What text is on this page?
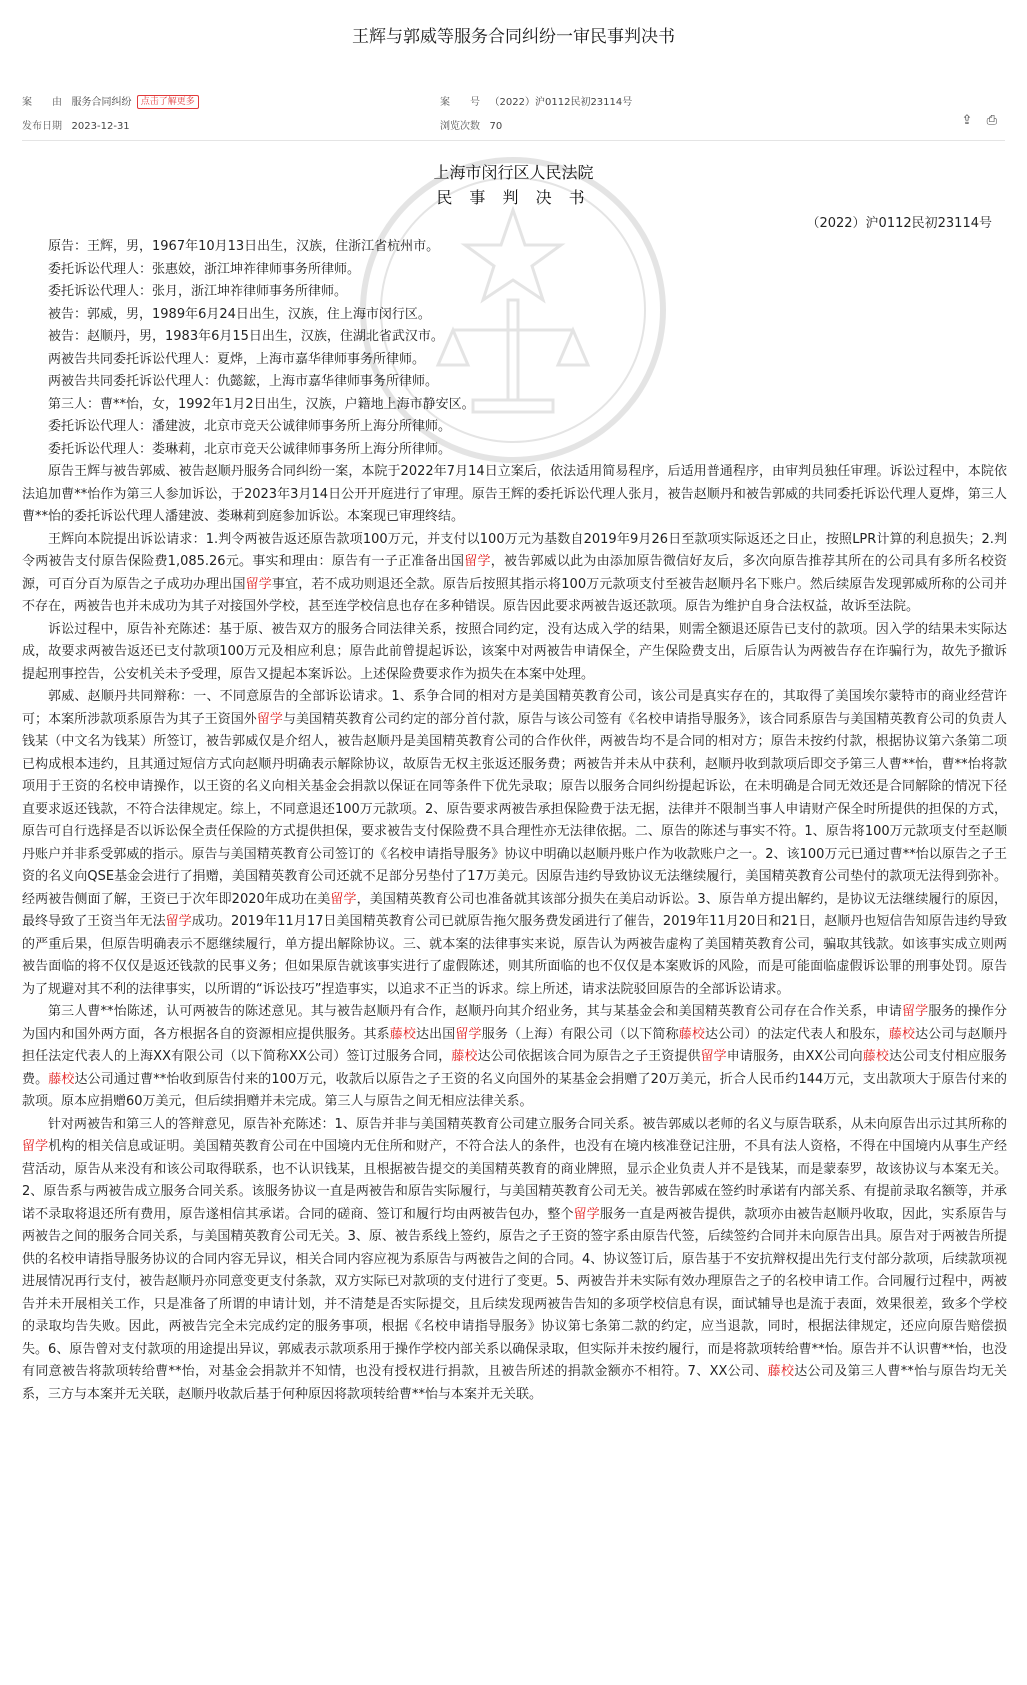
王辉与郭威等服务合同纠纷一审民事判决书
案　　由 服务合同纠纷 点击了解更多	案　　号 （2022）沪0112民初23114号
发布日期 2023-12-31	浏览次数 70	⇪ ⎙
上海市闵行区人民法院
民 事 判 决 书
（2022）沪0112民初23114号

原告：王辉，男，1967年10月13日出生，汉族，住浙江省杭州市。

委托诉讼代理人：张惠姣，浙江坤祚律师事务所律师。

委托诉讼代理人：张月，浙江坤祚律师事务所律师。

被告：郭威，男，1989年6月24日出生，汉族，住上海市闵行区。

被告：赵顺丹，男，1983年6月15日出生，汉族，住湖北省武汉市。

两被告共同委托诉讼代理人：夏烨，上海市嘉华律师事务所律师。

两被告共同委托诉讼代理人：仇懿鋐，上海市嘉华律师事务所律师。

第三人：曹**怡，女，1992年1月2日出生，汉族，户籍地上海市静安区。

委托诉讼代理人：潘建波，北京市竞天公诚律师事务所上海分所律师。

委托诉讼代理人：娄琳莉，北京市竞天公诚律师事务所上海分所律师。

原告王辉与被告郭威、被告赵顺丹服务合同纠纷一案，本院于2022年7月14日立案后，依法适用简易程序，后适用普通程序，由审判员独任审理。诉讼过程中，本院依法追加曹**怡作为第三人参加诉讼，于2023年3月14日公开开庭进行了审理。原告王辉的委托诉讼代理人张月，被告赵顺丹和被告郭威的共同委托诉讼代理人夏烨，第三人曹**怡的委托诉讼代理人潘建波、娄琳莉到庭参加诉讼。本案现已审理终结。

王辉向本院提出诉讼请求：1.判令两被告返还原告款项100万元，并支付以100万元为基数自2019年9月26日至款项实际返还之日止，按照LPR计算的利息损失；2.判令两被告支付原告保险费1,085.26元。事实和理由：原告有一子正准备出国留学，被告郭威以此为由添加原告微信好友后，多次向原告推荐其所在的公司具有多所名校资源，可百分百为原告之子成功办理出国留学事宜，若不成功则退还全款。原告后按照其指示将100万元款项支付至被告赵顺丹名下账户。然后续原告发现郭威所称的公司并不存在，两被告也并未成功为其子对接国外学校，甚至连学校信息也存在多种错误。原告因此要求两被告返还款项。原告为维护自身合法权益，故诉至法院。

诉讼过程中，原告补充陈述：基于原、被告双方的服务合同法律关系，按照合同约定，没有达成入学的结果，则需全额退还原告已支付的款项。因入学的结果未实际达成，故要求两被告返还已支付款项100万元及相应利息；原告此前曾提起诉讼，该案中对两被告申请保全，产生保险费支出，后原告认为两被告存在诈骗行为，故先予撤诉提起刑事控告，公安机关未予受理，原告又提起本案诉讼。上述保险费要求作为损失在本案中处理。

郭威、赵顺丹共同辩称：一、不同意原告的全部诉讼请求。1、系争合同的相对方是美国精英教育公司，该公司是真实存在的，其取得了美国埃尔蒙特市的商业经营许可；本案所涉款项系原告为其子王资国外留学与美国精英教育公司约定的部分首付款，原告与该公司签有《名校申请指导服务》，该合同系原告与美国精英教育公司的负责人钱某（中文名为钱某）所签订，被告郭威仅是介绍人，被告赵顺丹是美国精英教育公司的合作伙伴，两被告均不是合同的相对方；原告未按约付款，根据协议第六条第二项已构成根本违约，且其通过短信方式向赵顺丹明确表示解除协议，故原告无权主张返还服务费；两被告并未从中获利，赵顺丹收到款项后即交予第三人曹**怡，曹**怡将款项用于王资的名校申请操作，以王资的名义向相关基金会捐款以保证在同等条件下优先录取；原告以服务合同纠纷提起诉讼，在未明确是合同无效还是合同解除的情况下径直要求返还钱款，不符合法律规定。综上，不同意退还100万元款项。2、原告要求两被告承担保险费于法无据，法律并不限制当事人申请财产保全时所提供的担保的方式，原告可自行选择是否以诉讼保全责任保险的方式提供担保，要求被告支付保险费不具合理性亦无法律依据。二、原告的陈述与事实不符。1、原告将100万元款项支付至赵顺丹账户并非系受郭威的指示。原告与美国精英教育公司签订的《名校申请指导服务》协议中明确以赵顺丹账户作为收款账户之一。2、该100万元已通过曹**怡以原告之子王资的名义向QSE基金会进行了捐赠，美国精英教育公司还就不足部分另垫付了17万美元。因原告违约导致协议无法继续履行，美国精英教育公司垫付的款项无法得到弥补。经两被告侧面了解，王资已于次年即2020年成功在美留学，美国精英教育公司也准备就其该部分损失在美启动诉讼。3、原告单方提出解约，是协议无法继续履行的原因，最终导致了王资当年无法留学成功。2019年11月17日美国精英教育公司已就原告拖欠服务费发函进行了催告，2019年11月20日和21日，赵顺丹也短信告知原告违约导致的严重后果，但原告明确表示不愿继续履行，单方提出解除协议。三、就本案的法律事实来说，原告认为两被告虚构了美国精英教育公司，骗取其钱款。如该事实成立则两被告面临的将不仅仅是返还钱款的民事义务；但如果原告就该事实进行了虚假陈述，则其所面临的也不仅仅是本案败诉的风险，而是可能面临虚假诉讼罪的刑事处罚。原告为了规避对其不利的法律事实，以所谓的“诉讼技巧”捏造事实，以追求不正当的诉求。综上所述，请求法院驳回原告的全部诉讼请求。

第三人曹**怡陈述，认可两被告的陈述意见。其与被告赵顺丹有合作，赵顺丹向其介绍业务，其与某基金会和美国精英教育公司存在合作关系，申请留学服务的操作分为国内和国外两方面，各方根据各自的资源相应提供服务。其系藤校达出国留学服务（上海）有限公司（以下简称藤校达公司）的法定代表人和股东，藤校达公司与赵顺丹担任法定代表人的上海XX有限公司（以下简称XX公司）签订过服务合同，藤校达公司依据该合同为原告之子王资提供留学申请服务，由XX公司向藤校达公司支付相应服务费。藤校达公司通过曹**怡收到原告付来的100万元，收款后以原告之子王资的名义向国外的某基金会捐赠了20万美元，折合人民币约144万元，支出款项大于原告付来的款项。原本应捐赠60万美元，但后续捐赠并未完成。第三人与原告之间无相应法律关系。

针对两被告和第三人的答辩意见，原告补充陈述：1、原告并非与美国精英教育公司建立服务合同关系。被告郭威以老师的名义与原告联系，从未向原告出示过其所称的留学机构的相关信息或证明。美国精英教育公司在中国境内无住所和财产，不符合法人的条件，也没有在境内核准登记注册，不具有法人资格，不得在中国境内从事生产经营活动，原告从来没有和该公司取得联系，也不认识钱某，且根据被告提交的美国精英教育的商业牌照，显示企业负责人并不是钱某，而是蒙泰罗，故该协议与本案无关。2、原告系与两被告成立服务合同关系。该服务协议一直是两被告和原告实际履行，与美国精英教育公司无关。被告郭威在签约时承诺有内部关系、有提前录取名额等，并承诺不录取将退还所有费用，原告遂相信其承诺。合同的磋商、签订和履行均由两被告包办，整个留学服务一直是两被告提供，款项亦由被告赵顺丹收取，因此，实系原告与两被告之间的服务合同关系，与美国精英教育公司无关。3、原、被告系线上签约，原告之子王资的签字系由原告代签，后续签约合同并未向原告出具。原告对于两被告所提供的名校申请指导服务协议的合同内容无异议，相关合同内容应视为系原告与两被告之间的合同。4、协议签订后，原告基于不安抗辩权提出先行支付部分款项，后续款项视进展情况再行支付，被告赵顺丹亦同意变更支付条款，双方实际已对款项的支付进行了变更。5、两被告并未实际有效办理原告之子的名校申请工作。合同履行过程中，两被告并未开展相关工作，只是准备了所谓的申请计划，并不清楚是否实际提交，且后续发现两被告告知的多项学校信息有误，面试辅导也是流于表面，效果很差，致多个学校的录取均告失败。因此，两被告完全未完成约定的服务事项，根据《名校申请指导服务》协议第七条第二款的约定，应当退款，同时，根据法律规定，还应向原告赔偿损失。6、原告曾对支付款项的用途提出异议，郭威表示款项系用于操作学校内部关系以确保录取，但实际并未按约履行，而是将款项转给曹**怡。原告并不认识曹**怡，也没有同意被告将款项转给曹**怡，对基金会捐款并不知情，也没有授权进行捐款，且被告所述的捐款金额亦不相符。7、XX公司、藤校达公司及第三人曹**怡与原告均无关系，三方与本案并无关联，赵顺丹收款后基于何种原因将款项转给曹**怡与本案并无关联。
